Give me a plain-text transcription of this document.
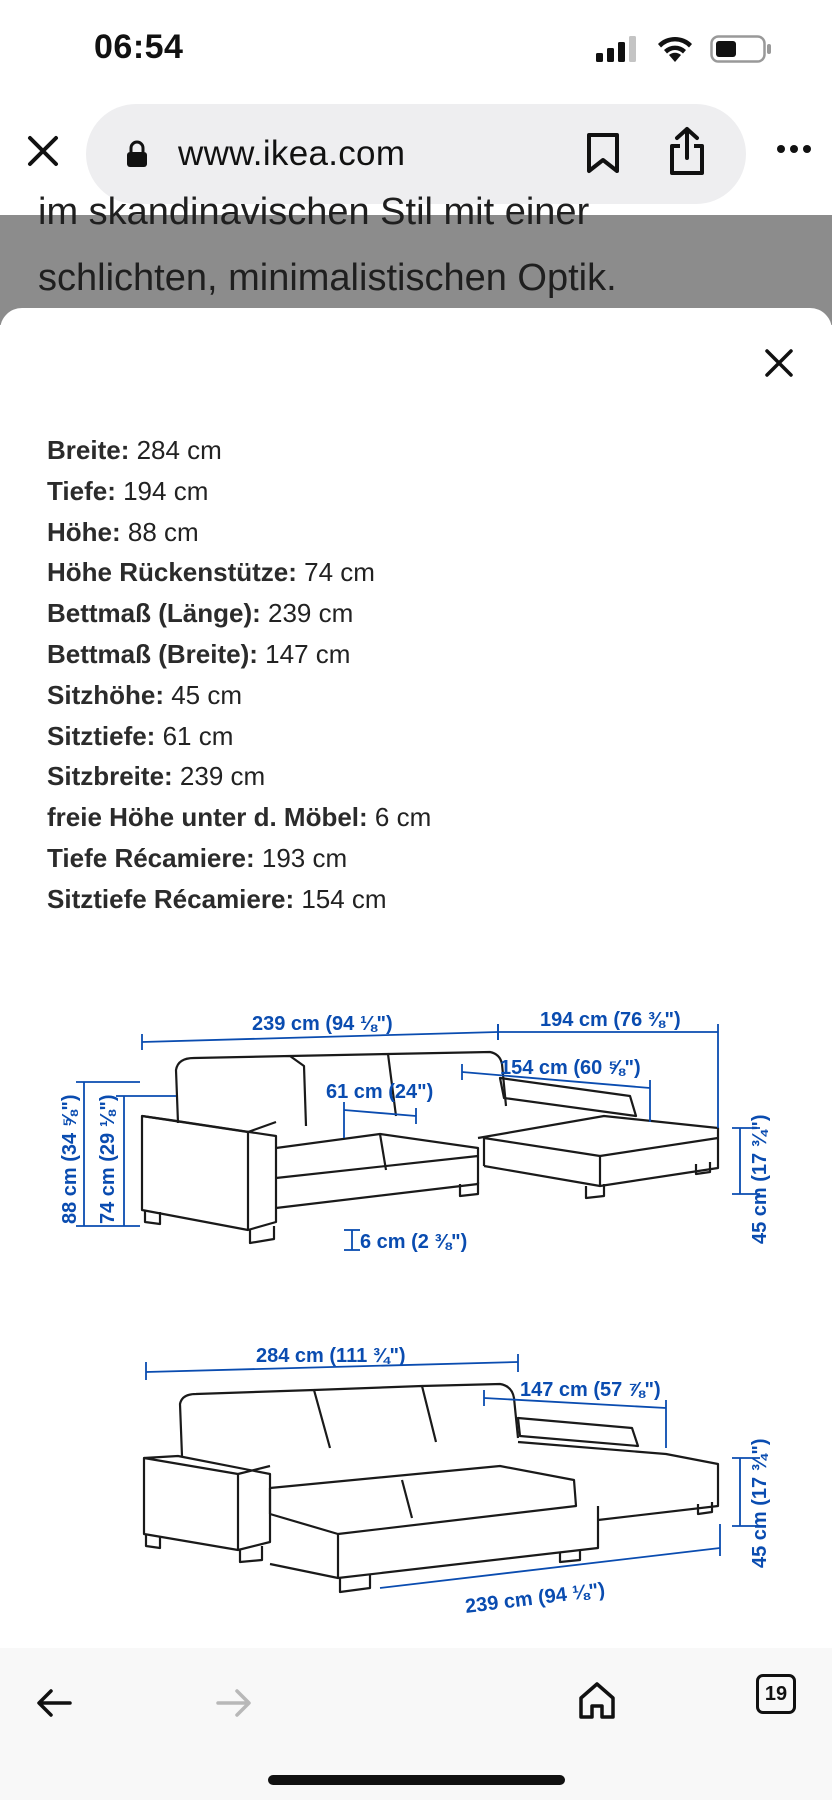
06:54
www.ikea.com
im skandinavischen Stil mit einer
schlichten, minimalistischen Optik.
Breite: 284 cm
Tiefe: 194 cm
Höhe: 88 cm
Höhe Rückenstütze: 74 cm
Bettmaß (Länge): 239 cm
Bettmaß (Breite): 147 cm
Sitzhöhe: 45 cm
Sitztiefe: 61 cm
Sitzbreite: 239 cm
freie Höhe unter d. Möbel: 6 cm
Tiefe Récamiere: 193 cm
Sitztiefe Récamiere: 154 cm
239 cm (94 ⅛")	194 cm (76 ⅜")
154 cm (60 ⅝")
61 cm (24")
6 cm (2 ⅜")
88 cm (34 ⅝") 74 cm (29 ⅛")	45 cm (17 ¾")
284 cm (111 ¾")
147 cm (57 ⅞")
45 cm (17 ¾")
239 cm (94 ⅛")
19
